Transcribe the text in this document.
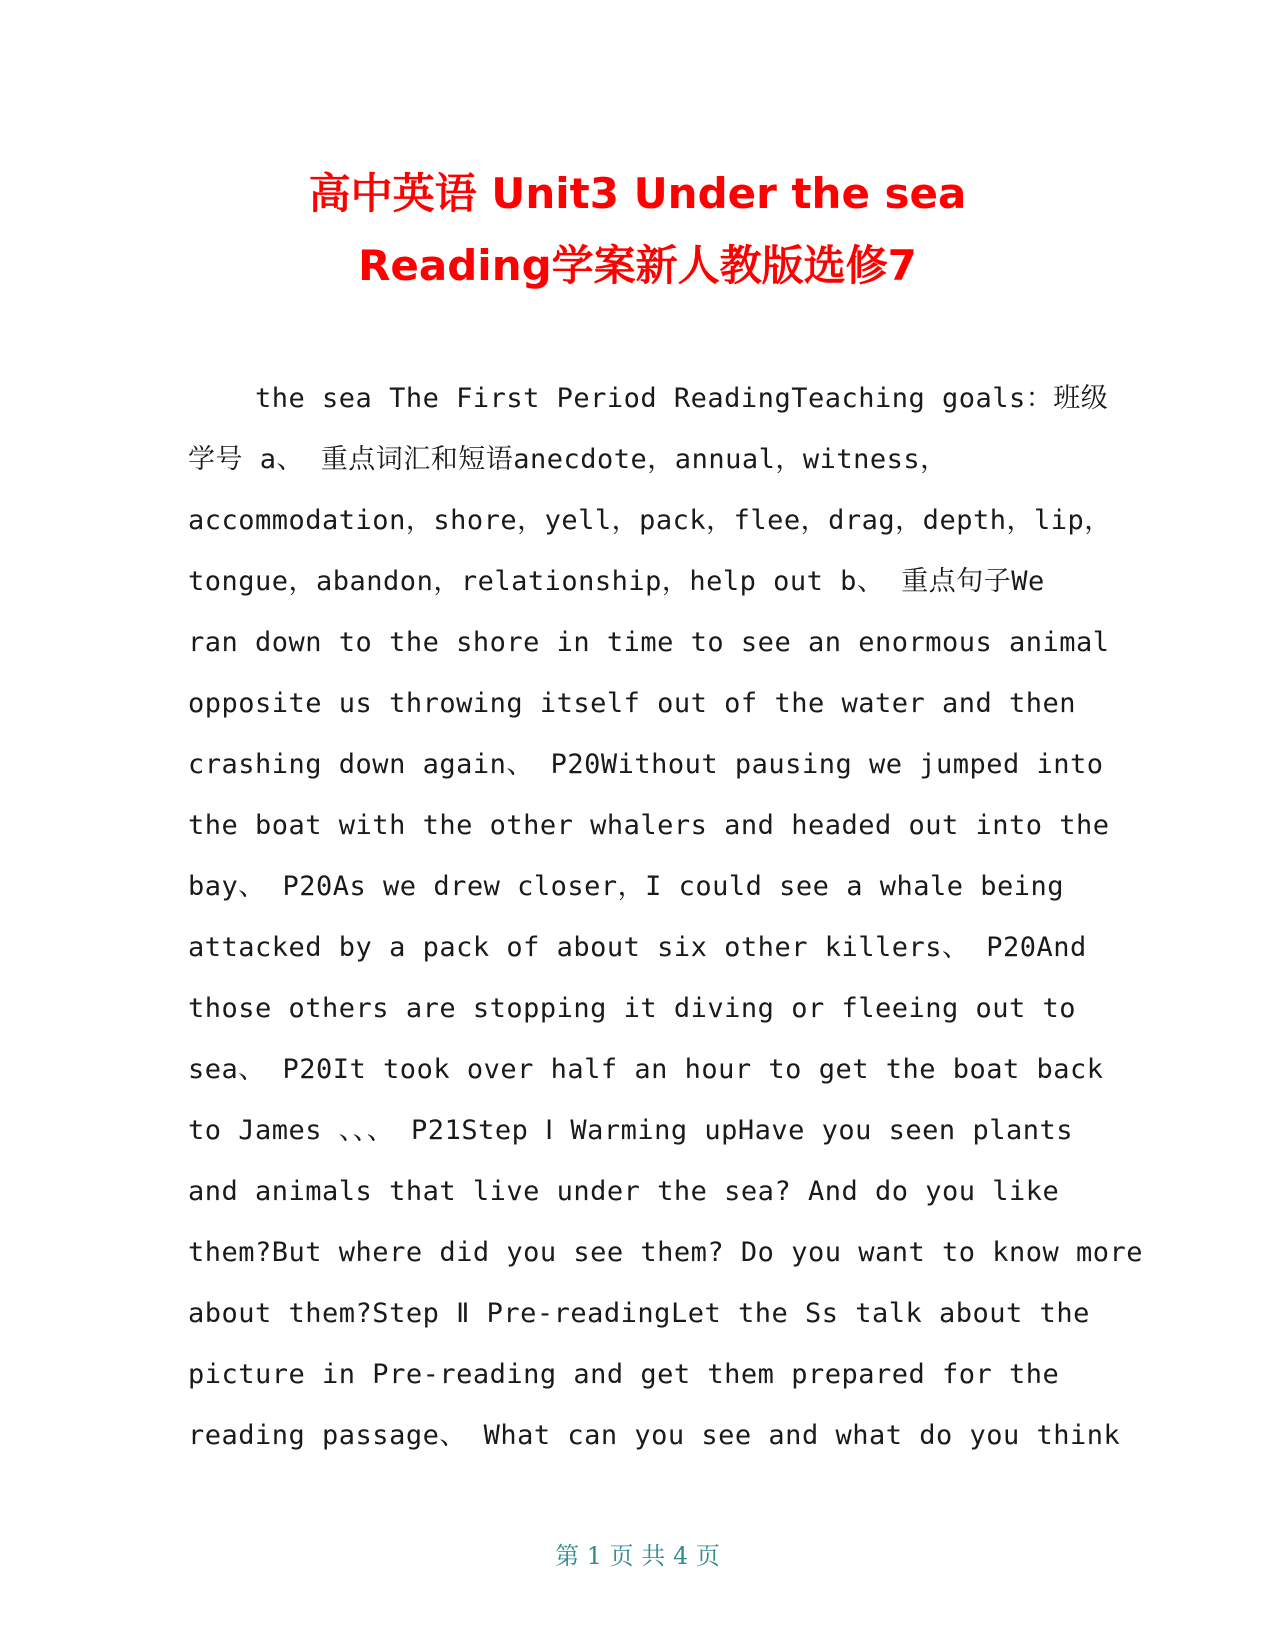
高中英语 Unit3 Under the sea
Reading学案新人教版选修7
the sea The First Period ReadingTeaching goals：班级
学号 a、 重点词汇和短语anecdote，annual，witness，
accommodation，shore，yell，pack，flee，drag，depth，lip，
tongue，abandon，relationship，help out b、 重点句子We
ran down to the shore in time to see an enormous animal
opposite us throwing itself out of the water and then
crashing down again、 P20Without pausing we jumped into
the boat with the other whalers and headed out into the
bay、 P20As we drew closer，I could see a whale being
attacked by a pack of about six other killers、 P20And
those others are stopping it diving or fleeing out to
sea、 P20It took over half an hour to get the boat back
to James 、、、 P21Step Ⅰ Warming upHave you seen plants
and animals that live under the sea? And do you like
them?But where did you see them? Do you want to know more
about them?Step Ⅱ Pre-readingLet the Ss talk about the
picture in Pre-reading and get them prepared for the
reading passage、 What can you see and what do you think
第 1 页 共 4 页
